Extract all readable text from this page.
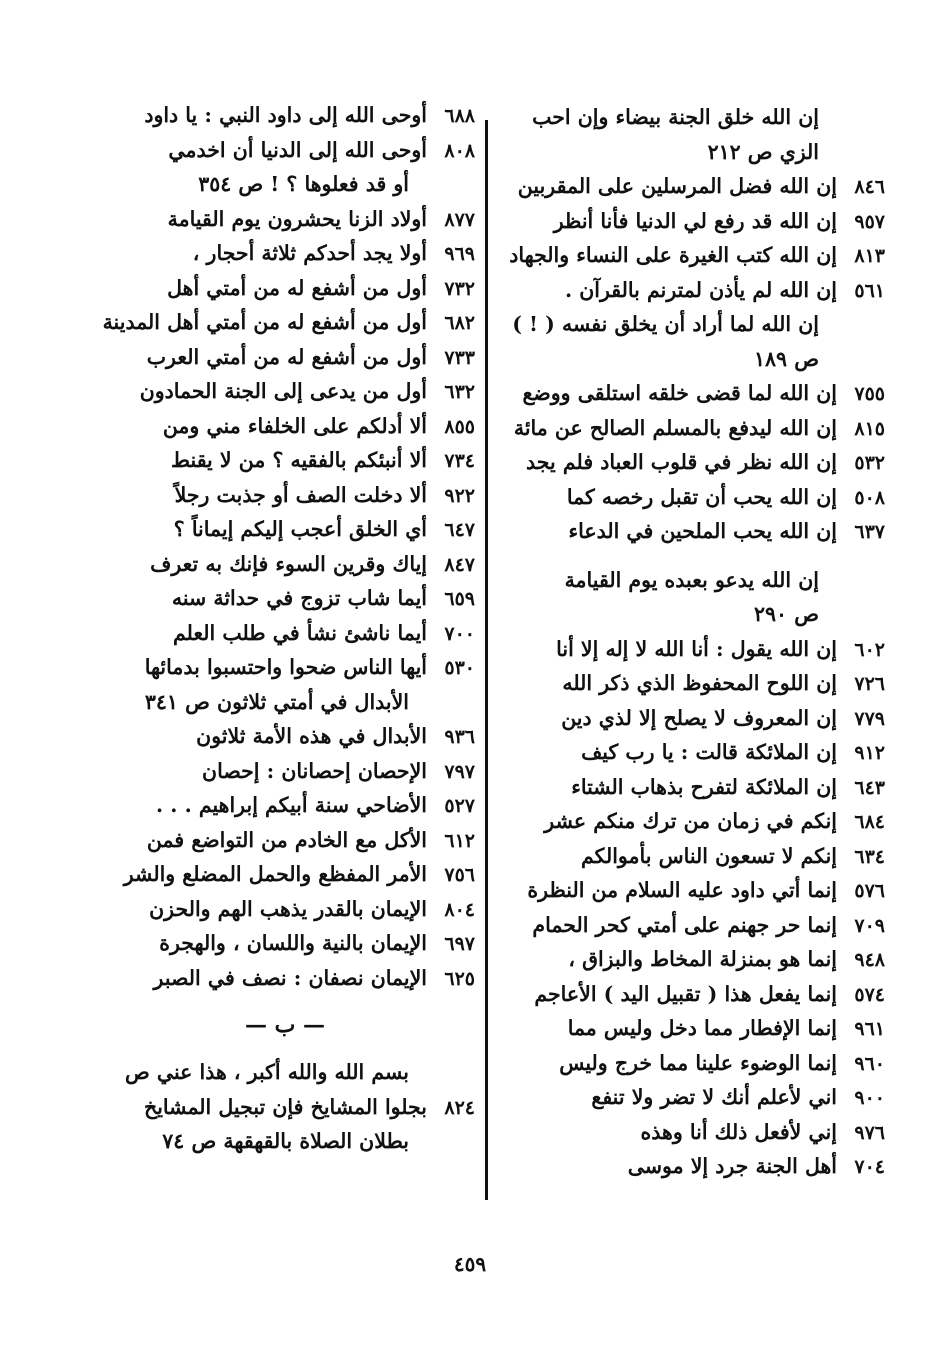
إن الله خلق الجنة بيضاء وإن احب
الزي ص ٢١٢
٨٤٦
إن الله فضل المرسلين على المقربين
٩٥٧
إن الله قد رفع لي الدنيا فأنا أنظر
٨١٣
إن الله كتب الغيرة على النساء والجهاد
٥٦١
إن الله لم يأذن لمترنم بالقرآن .
إن الله لما أراد أن يخلق نفسه ( ! )
ص ١٨٩
٧٥٥
إن الله لما قضى خلقه استلقى ووضع
٨١٥
إن الله ليدفع بالمسلم الصالح عن مائة
٥٣٢
إن الله نظر في قلوب العباد فلم يجد
٥٠٨
إن الله يحب أن تقبل رخصه كما
٦٣٧
إن الله يحب الملحين في الدعاء
إن الله يدعو بعبده يوم القيامة
ص ٢٩٠
٦٠٢
إن الله يقول : أنا الله لا إله إلا أنا
٧٢٦
إن اللوح المحفوظ الذي ذكر الله
٧٧٩
إن المعروف لا يصلح إلا لذي دين
٩١٢
إن الملائكة قالت : يا رب كيف
٦٤٣
إن الملائكة لتفرح بذهاب الشتاء
٦٨٤
إنكم في زمان من ترك منكم عشر
٦٣٤
إنكم لا تسعون الناس بأموالكم
٥٧٦
إنما أتي داود عليه السلام من النظرة
٧٠٩
إنما حر جهنم على أمتي كحر الحمام
٩٤٨
إنما هو بمنزلة المخاط والبزاق ،
٥٧٤
إنما يفعل هذا ( تقبيل اليد ) الأعاجم
٩٦١
إنما الإفطار مما دخل وليس مما
٩٦٠
إنما الوضوء علينا مما خرج وليس
٩٠٠
اني لأعلم أنك لا تضر ولا تنفع
٩٧٦
إني لأفعل ذلك أنا وهذه
٧٠٤
أهل الجنة جرد إلا موسى
٦٨٨
أوحى الله إلى داود النبي : يا داود
٨٠٨
أوحى الله إلى الدنيا أن اخدمي
أو قد فعلوها ؟ ! ص ٣٥٤
٨٧٧
أولاد الزنا يحشرون يوم القيامة
٩٦٩
أولا يجد أحدكم ثلاثة أحجار ،
٧٣٢
أول من أشفع له من أمتي أهل
٦٨٢
أول من أشفع له من أمتي أهل المدينة
٧٣٣
أول من أشفع له من أمتي العرب
٦٣٢
أول من يدعى إلى الجنة الحمادون
٨٥٥
ألا أدلكم على الخلفاء مني ومن
٧٣٤
ألا أنبئكم بالفقيه ؟ من لا يقنط
٩٢٢
ألا دخلت الصف أو جذبت رجلاً
٦٤٧
أي الخلق أعجب إليكم إيماناً ؟
٨٤٧
إياك وقرين السوء فإنك به تعرف
٦٥٩
أيما شاب تزوج في حداثة سنه
٧٠٠
أيما ناشئ نشأ في طلب العلم
٥٣٠
أيها الناس ضحوا واحتسبوا بدمائها
الأبدال في أمتي ثلاثون ص ٣٤١
٩٣٦
الأبدال في هذه الأمة ثلاثون
٧٩٧
الإحصان إحصانان : إحصان
٥٢٧
الأضاحي سنة أبيكم إبراهيم . . .
٦١٢
الأكل مع الخادم من التواضع فمن
٧٥٦
الأمر المفظع والحمل المضلع والشر
٨٠٤
الإيمان بالقدر يذهب الهم والحزن
٦٩٧
الإيمان بالنية واللسان ، والهجرة
٦٢٥
الإيمان نصفان : نصف في الصبر
— ب —
بسم الله والله أكبر ، هذا عني ص
٨٢٤
بجلوا المشايخ فإن تبجيل المشايخ
بطلان الصلاة بالقهقهة ص ٧٤
٤٥٩
